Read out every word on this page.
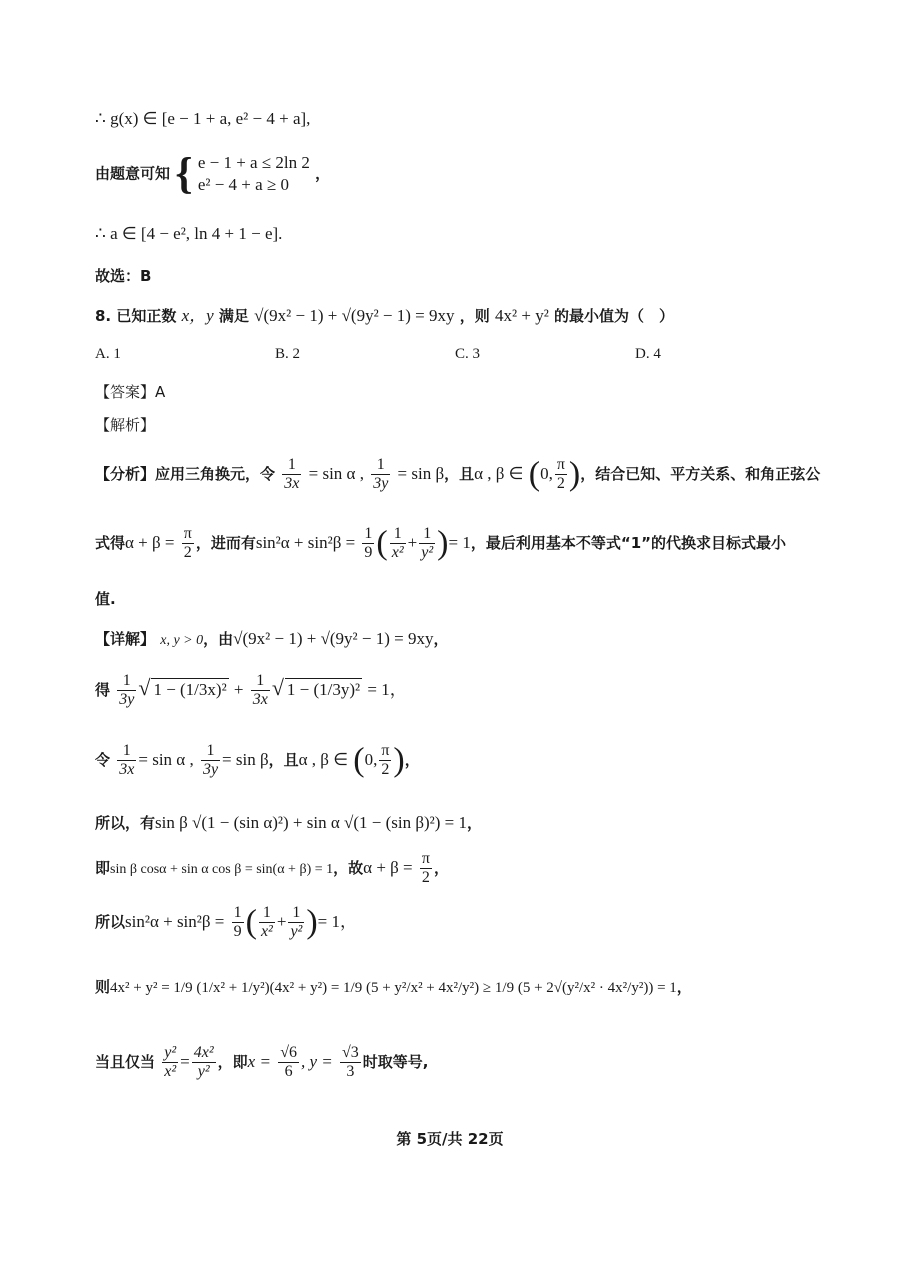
∴ g(x) ∈ [e − 1 + a, e² − 4 + a],
由题意可知 { e − 1 + a ≤ 2ln 2
e² − 4 + a ≥ 0
，
∴ a ∈ [4 − e², ln 4 + 1 − e].
故选：B
8. 已知正数 x，y 满足 √(9x² − 1) + √(9y² − 1) = 9xy ，则 4x² + y² 的最小值为（　）
A. 1	B. 2	C. 3	D. 4
【答案】A
【解析】
【分析】应用三角换元，令 $\frac{1}{3x} = \sin \alpha$ , $\frac{1}{3y} = \sin \beta$，且α , β ∈ (0, $\frac{\pi}{2}$ )，结合已知、平方关系、和角正弦公
式得$\alpha + \beta = \frac{\pi}{2}$ ，进而有$\sin^2\alpha + \sin^2\beta = \frac{1}{9}$ ( $\frac{1}{\text{x²}} + \frac{1}{\text{y²}}$ )= 1，最后利用基本不等式“1”的代换求目标式最小
值.
【详解】 x, y > 0，由√(9x² − 1) + √(9y² − 1) = 9xy，
得 $\frac{1}{3y}$ √ $1 - (1/3x)^2 + \frac{1}{3x}$ √ 1 − (1/3y)² = 1，
令 $\frac{1}{3x} = \sin \alpha$ , $\frac{1}{3y} = \sin \beta$，且α , β ∈ (0, $\frac{\pi}{2}$ )，
所以，有sin β √(1 − (sin α)²) + sin α √(1 − (sin β)²) = 1，
即sin β cosα + sin α cos β = sin(α + β) = 1，故$\alpha + \beta = \frac{\pi}{2}$ ，
所以$\sin^2\alpha + \sin^2\beta = \frac{1}{9}$ ( $\frac{1}{\text{x²}} + \frac{1}{\text{y²}}$ )= 1，
则4x² + y² = 1/9 (1/x² + 1/y²)(4x² + y²) = 1/9 (5 + y²/x² + 4x²/y²) ≥ 1/9 (5 + 2√(y²/x² · 4x²/y²)) = 1，
当且仅当 $\frac{\text{y²}}{\text{x²}} = \frac{\text{4x²}}{\text{y²}}$ ，即$x = \frac{√6}{6}$ , $y = \frac{√3}{3}$ 时取等号,
第 5页/共 22页
